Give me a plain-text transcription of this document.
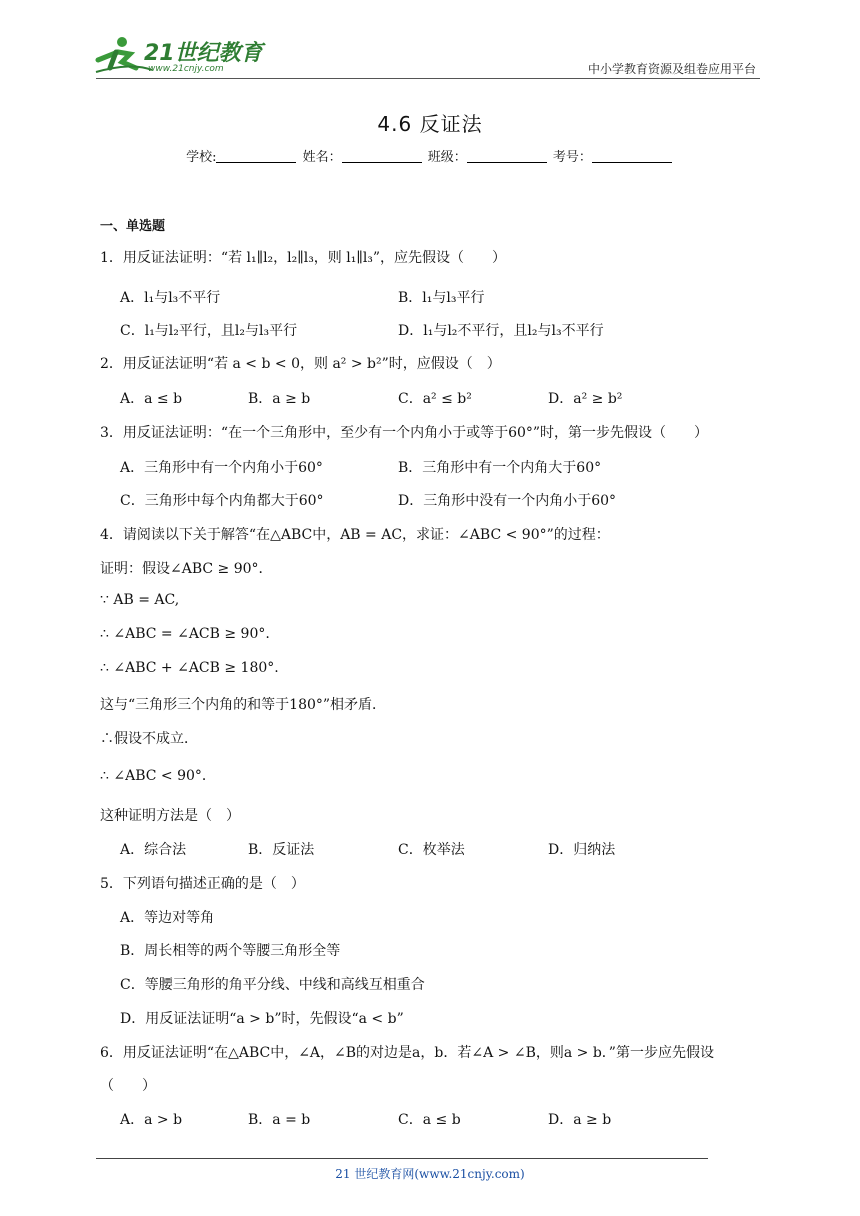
21世纪教育
www.21cnjy.com	中小学教育资源及组卷应用平台
4.6 反证法
学校:	姓名：	班级：	考号：
一、单选题
1．用反证法证明：“若 l₁∥l₂，l₂∥l₃，则 l₁∥l₃”，应先假设（　　）
A．l₁与l₃不平行	B．l₁与l₃平行
C．l₁与l₂平行，且l₂与l₃平行	D．l₁与l₂不平行，且l₂与l₃不平行
2．用反证法证明“若 a < b < 0，则 a² > b²”时，应假设（　）
A．a ≤ b	B．a ≥ b	C．a² ≤ b²	D．a² ≥ b²
3．用反证法证明：“在一个三角形中，至少有一个内角小于或等于60°”时，第一步先假设（　　）
A．三角形中有一个内角小于60°	B．三角形中有一个内角大于60°
C．三角形中每个内角都大于60°	D．三角形中没有一个内角小于60°
4．请阅读以下关于解答“在△ABC中，AB = AC，求证：∠ABC < 90°”的过程：
证明：假设∠ABC ≥ 90°．
∵ AB = AC,
∴ ∠ABC = ∠ACB ≥ 90°.
∴ ∠ABC + ∠ACB ≥ 180°.
这与“三角形三个内角的和等于180°”相矛盾．
∴假设不成立．
∴ ∠ABC < 90°．
这种证明方法是（　）
A．综合法	B．反证法	C．枚举法	D．归纳法
5．下列语句描述正确的是（　）
A．等边对等角
B．周长相等的两个等腰三角形全等
C．等腰三角形的角平分线、中线和高线互相重合
D．用反证法证明“a > b”时，先假设“a < b”
6．用反证法证明“在△ABC中，∠A，∠B的对边是a，b．若∠A > ∠B，则a > b．”第一步应先假设
（　　）
A．a > b	B．a = b	C．a ≤ b	D．a ≥ b
21 世纪教育网(www.21cnjy.com)
